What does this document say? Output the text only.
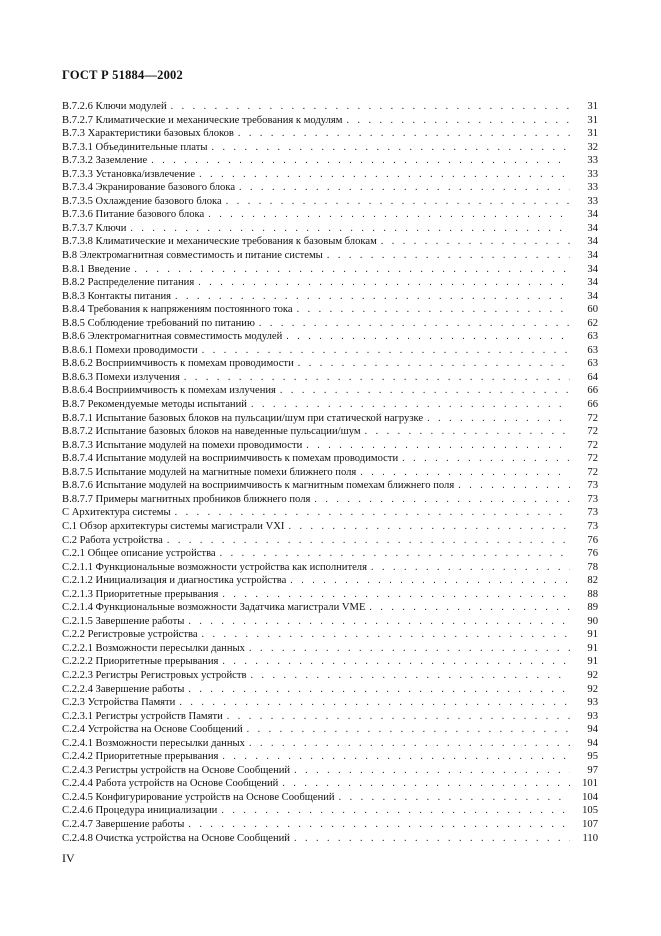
ГОСТ Р 51884—2002
B.7.2.6 Ключи модулей . . .	31
B.7.2.7 Климатические и механические требования к модулям . . .	31
B.7.3 Характеристики базовых блоков . . .	31
B.7.3.1 Объединительные платы . . .	32
B.7.3.2 Заземление . . .	33
B.7.3.3 Установка/извлечение . . .	33
B.7.3.4 Экранирование базового блока . . .	33
B.7.3.5 Охлаждение базового блока . . .	33
B.7.3.6 Питание базового блока . . .	34
B.7.3.7 Ключи . . .	34
B.7.3.8 Климатические и механические требования к базовым блокам . . .	34
B.8 Электромагнитная совместимость и питание системы . . .	34
B.8.1 Введение . . .	34
B.8.2 Распределение питания . . .	34
B.8.3 Контакты питания . . .	34
B.8.4 Требования к напряжениям постоянного тока . . .	60
B.8.5 Соблюдение требований по питанию . . .	62
B.8.6 Электромагнитная совместимость модулей . . .	63
B.8.6.1 Помехи проводимости . . .	63
B.8.6.2 Восприимчивость к помехам проводимости . . .	63
B.8.6.3 Помехи излучения . . .	64
B.8.6.4 Восприимчивость к помехам излучения . . .	66
B.8.7 Рекомендуемые методы испытаний . . .	66
B.8.7.1 Испытание базовых блоков на пульсации/шум при статической нагрузке . . .	72
B.8.7.2 Испытание базовых блоков на наведенные пульсации/шум . . .	72
B.8.7.3 Испытание модулей на помехи проводимости . . .	72
B.8.7.4 Испытание модулей на восприимчивость к помехам проводимости . . .	72
B.8.7.5 Испытание модулей на магнитные помехи ближнего поля . . .	72
B.8.7.6 Испытание модулей на восприимчивость к магнитным помехам ближнего поля . . .	73
B.8.7.7 Примеры магнитных пробников ближнего поля . . .	73
C Архитектура системы . . .	73
C.1 Обзор архитектуры системы магистрали VXI . . .	73
C.2 Работа устройства . . .	76
C.2.1 Общее описание устройства . . .	76
C.2.1.1 Функциональные возможности устройства как исполнителя . . .	78
C.2.1.2 Инициализация и диагностика устройства . . .	82
C.2.1.3 Приоритетные прерывания . . .	88
C.2.1.4 Функциональные возможности Задатчика магистрали VME . . .	89
C.2.1.5 Завершение работы . . .	90
C.2.2 Регистровые устройства . . .	91
C.2.2.1 Возможности пересылки данных . . .	91
C.2.2.2 Приоритетные прерывания . . .	91
C.2.2.3 Регистры Регистровых устройств . . .	92
C.2.2.4 Завершение работы . . .	92
C.2.3 Устройства Памяти . . .	93
C.2.3.1 Регистры устройств Памяти . . .	93
C.2.4 Устройства на Основе Сообщений . . .	94
C.2.4.1 Возможности пересылки данных . . .	94
C.2.4.2 Приоритетные прерывания . . .	95
C.2.4.3 Регистры устройств на Основе Сообщений . . .	97
C.2.4.4 Работа устройств на Основе Сообщений . . .	101
C.2.4.5 Конфигурирование устройств на Основе Сообщений . . .	104
C.2.4.6 Процедура инициализации . . .	105
C.2.4.7 Завершение работы . . .	107
C.2.4.8 Очистка устройства на Основе Сообщений . . .	110
IV
